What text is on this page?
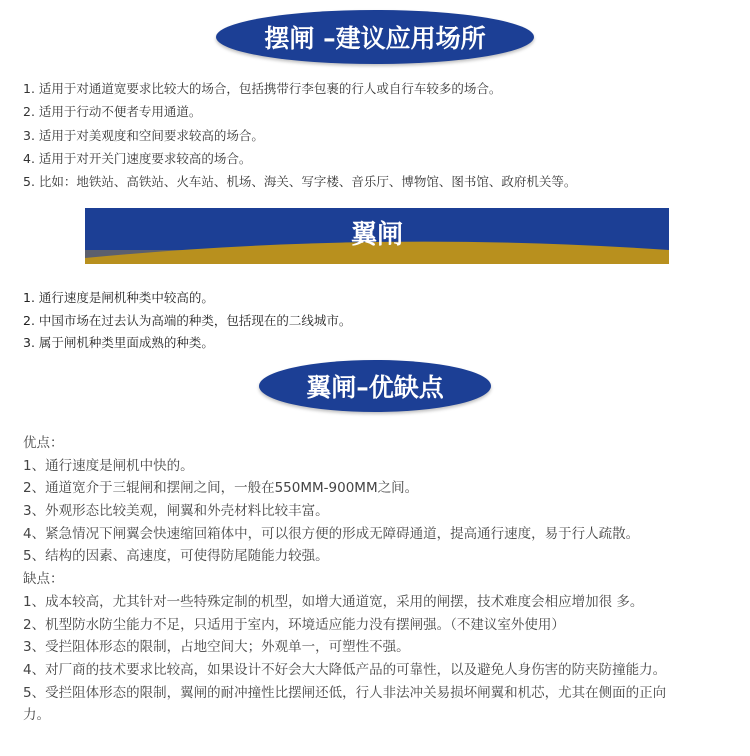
摆闸 –建议应用场所
1. 适用于对通道宽要求比较大的场合，包括携带行李包裹的行人或自行车较多的场合。
2. 适用于行动不便者专用通道。
3. 适用于对美观度和空间要求较高的场合。
4. 适用于对开关门速度要求较高的场合。
5. 比如：地铁站、高铁站、火车站、机场、海关、写字楼、音乐厅、博物馆、图书馆、政府机关等。
翼闸
1. 通行速度是闸机种类中较高的。
2. 中国市场在过去认为高端的种类，包括现在的二线城市。
3. 属于闸机种类里面成熟的种类。
翼闸–优缺点
优点：
1、通行速度是闸机中快的。
2、通道宽介于三辊闸和摆闸之间，一般在550MM-900MM之间。
3、外观形态比较美观，闸翼和外壳材料比较丰富。
4、紧急情况下闸翼会快速缩回箱体中，可以很方便的形成无障碍通道，提高通行速度，易于行人疏散。
5、结构的因素、高速度，可使得防尾随能力较强。
缺点：
1、成本较高，尤其针对一些特殊定制的机型，如增大通道宽，采用的闸摆，技术难度会相应增加很 多。
2、机型防水防尘能力不足，只适用于室内，环境适应能力没有摆闸强。（不建议室外使用）
3、受拦阻体形态的限制，占地空间大；外观单一，可塑性不强。
4、对厂商的技术要求比较高，如果设计不好会大大降低产品的可靠性，以及避免人身伤害的防夹防撞能力。
5、受拦阻体形态的限制，翼闸的耐冲撞性比摆闸还低，行人非法冲关易损坏闸翼和机芯，尤其在侧面的正向
力。
